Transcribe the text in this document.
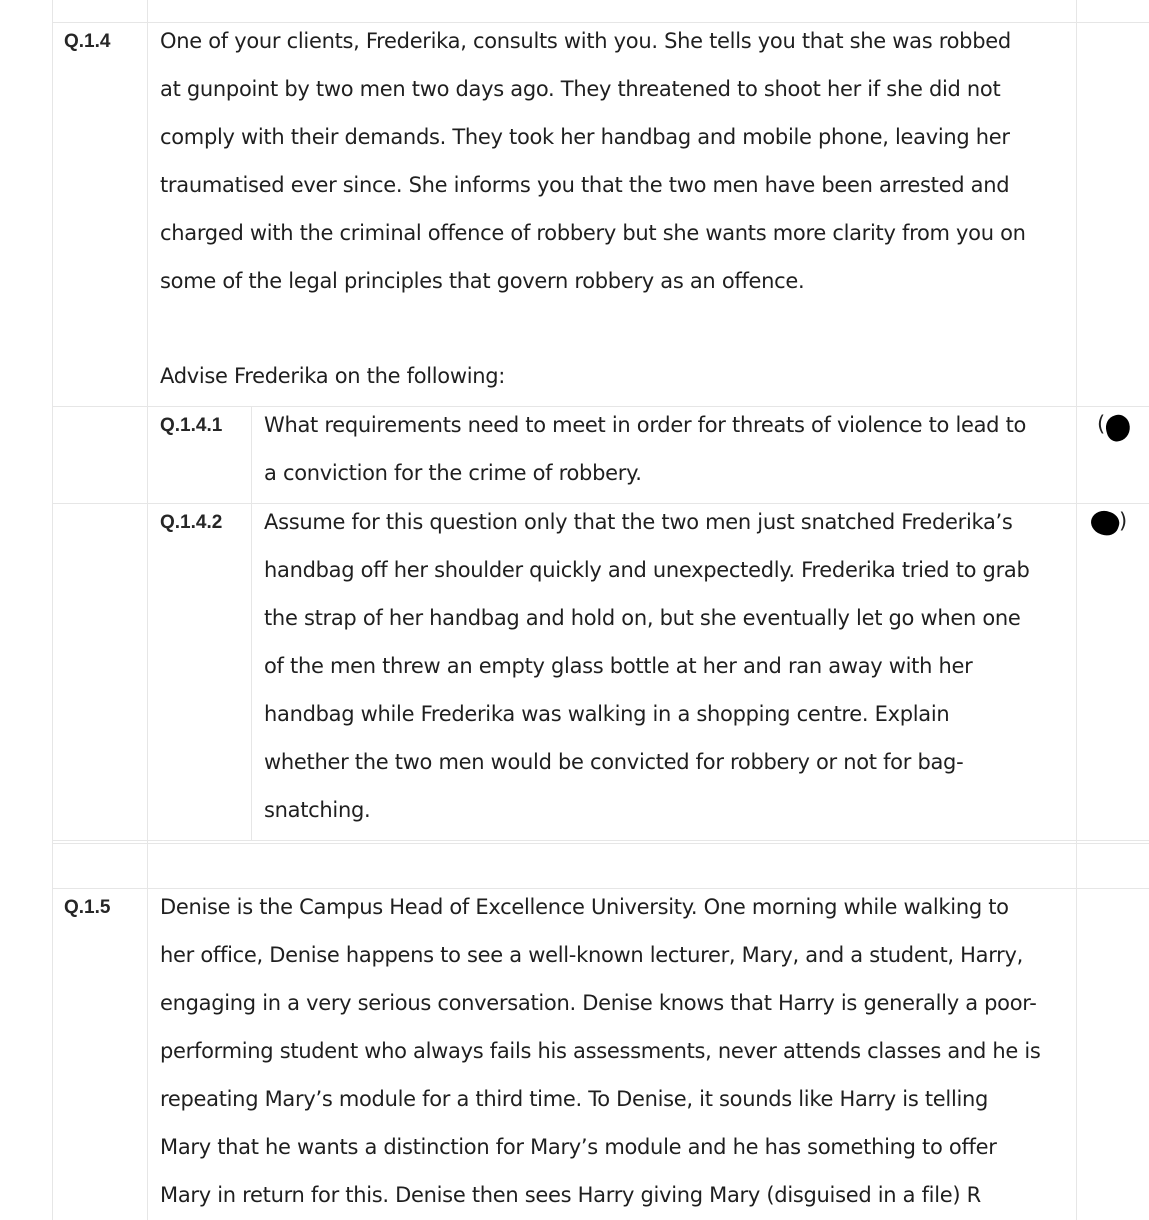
Q.1.4 One of your clients, Frederika, consults with you. She tells you that she was robbed
at gunpoint by two men two days ago. They threatened to shoot her if she did not
comply with their demands. They took her handbag and mobile phone, leaving her
traumatised ever since. She informs you that the two men have been arrested and
charged with the criminal offence of robbery but she wants more clarity from you on
some of the legal principles that govern robbery as an offence.
Advise Frederika on the following:
Q.1.4.1 What requirements need to meet in order for threats of violence to lead to
a conviction for the crime of robbery.
(
Q.1.4.2 Assume for this question only that the two men just snatched Frederika’s
handbag off her shoulder quickly and unexpectedly. Frederika tried to grab
the strap of her handbag and hold on, but she eventually let go when one
of the men threw an empty glass bottle at her and ran away with her
handbag while Frederika was walking in a shopping centre. Explain
whether the two men would be convicted for robbery or not for bag-
snatching.
)
Q.1.5 Denise is the Campus Head of Excellence University. One morning while walking to
her office, Denise happens to see a well-known lecturer, Mary, and a student, Harry,
engaging in a very serious conversation. Denise knows that Harry is generally a poor-
performing student who always fails his assessments, never attends classes and he is
repeating Mary’s module for a third time. To Denise, it sounds like Harry is telling
Mary that he wants a distinction for Mary’s module and he has something to offer
Mary in return for this. Denise then sees Harry giving Mary (disguised in a file) R
